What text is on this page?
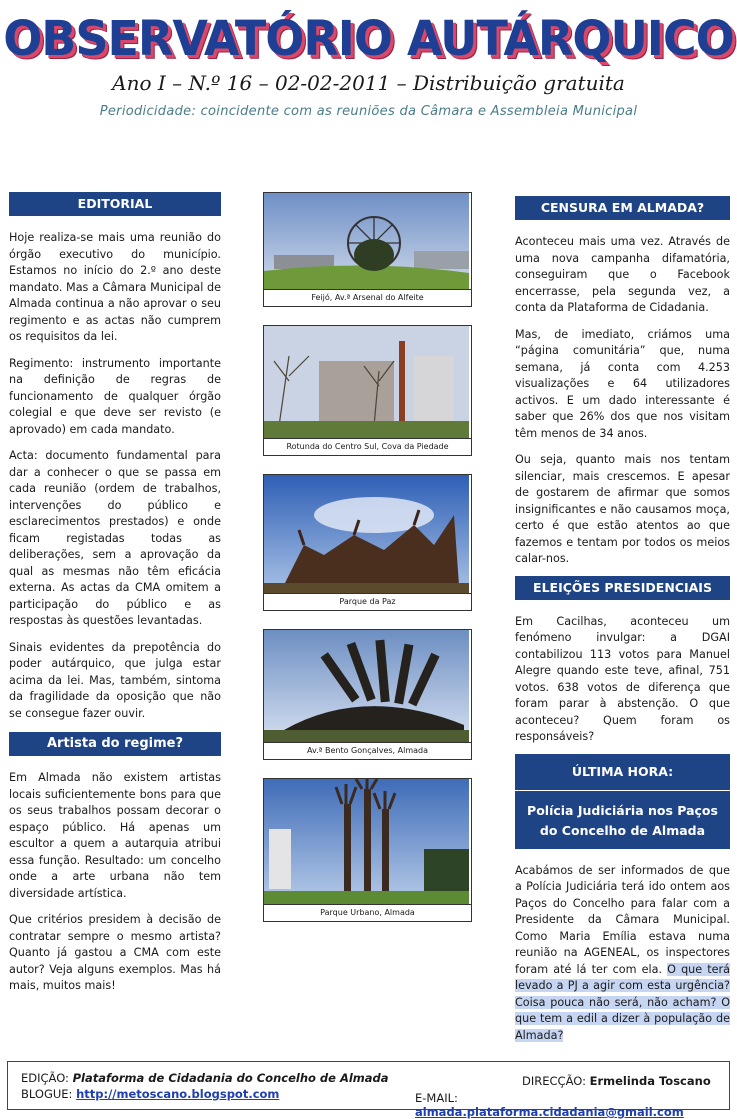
OBSERVATÓRIO AUTÁRQUICO
Ano I – N.º 16 – 02-02-2011 – Distribuição gratuita
Periodicidade: coincidente com as reuniões da Câmara e Assembleia Municipal
EDITORIAL

Hoje realiza-se mais uma reunião do órgão executivo do município. Estamos no início do 2.º ano deste mandato. Mas a Câmara Municipal de Almada continua a não aprovar o seu regimento e as actas não cumprem os requisitos da lei.

Regimento: instrumento importante na definição de regras de funcionamento de qualquer órgão colegial e que deve ser revisto (e aprovado) em cada mandato.

Acta: documento fundamental para dar a conhecer o que se passa em cada reunião (ordem de trabalhos, intervenções do público e esclarecimentos prestados) e onde ficam registadas todas as deliberações, sem a aprovação da qual as mesmas não têm eficácia externa. As actas da CMA omitem a participação do público e as respostas às questões levantadas.

Sinais evidentes da prepotência do poder autárquico, que julga estar acima da lei. Mas, também, sintoma da fragilidade da oposição que não se consegue fazer ouvir.

Artista do regime?

Em Almada não existem artistas locais suficientemente bons para que os seus trabalhos possam decorar o espaço público. Há apenas um escultor a quem a autarquia atribui essa função. Resultado: um concelho onde a arte urbana não tem diversidade artística.

Que critérios presidem à decisão de contratar sempre o mesmo artista? Quanto já gastou a CMA com este autor? Veja alguns exemplos. Mas há mais, muitos mais!

Feijó, Av.ª Arsenal do Alfeite
Rotunda do Centro Sul, Cova da Piedade
Parque da Paz
Av.ª Bento Gonçalves, Almada
Parque Urbano, Almada
CENSURA EM ALMADA?

Aconteceu mais uma vez. Através de uma nova campanha difamatória, conseguiram que o Facebook encerrasse, pela segunda vez, a conta da Plataforma de Cidadania.

Mas, de imediato, criámos uma “página comunitária” que, numa semana, já conta com 4.253 visualizações e 64 utilizadores activos. E um dado interessante é saber que 26% dos que nos visitam têm menos de 34 anos.

Ou seja, quanto mais nos tentam silenciar, mais crescemos. E apesar de gostarem de afirmar que somos insignificantes e não causamos moça, certo é que estão atentos ao que fazemos e tentam por todos os meios calar-nos.

ELEIÇÕES PRESIDENCIAIS

Em Cacilhas, aconteceu um fenómeno invulgar: a DGAI contabilizou 113 votos para Manuel Alegre quando este teve, afinal, 751 votos. 638 votos de diferença que foram parar à abstenção. O que aconteceu? Quem foram os responsáveis?

ÚLTIMA HORA:
Polícia Judiciária nos Paços do Concelho de Almada

Acabámos de ser informados de que a Polícia Judiciária terá ido ontem aos Paços do Concelho para falar com a Presidente da Câmara Municipal. Como Maria Emília estava numa reunião na AGENEAL, os inspectores foram até lá ter com ela. O que terá levado a PJ a agir com esta urgência? Coisa pouca não será, não acham? O que tem a edil a dizer à população de Almada?

EDIÇÃO: Plataforma de Cidadania do Concelho de Almada
BLOGUE: http://metoscano.blogspot.com
DIRECÇÃO: Ermelinda Toscano
E-MAIL: almada.plataforma.cidadania@gmail.com
